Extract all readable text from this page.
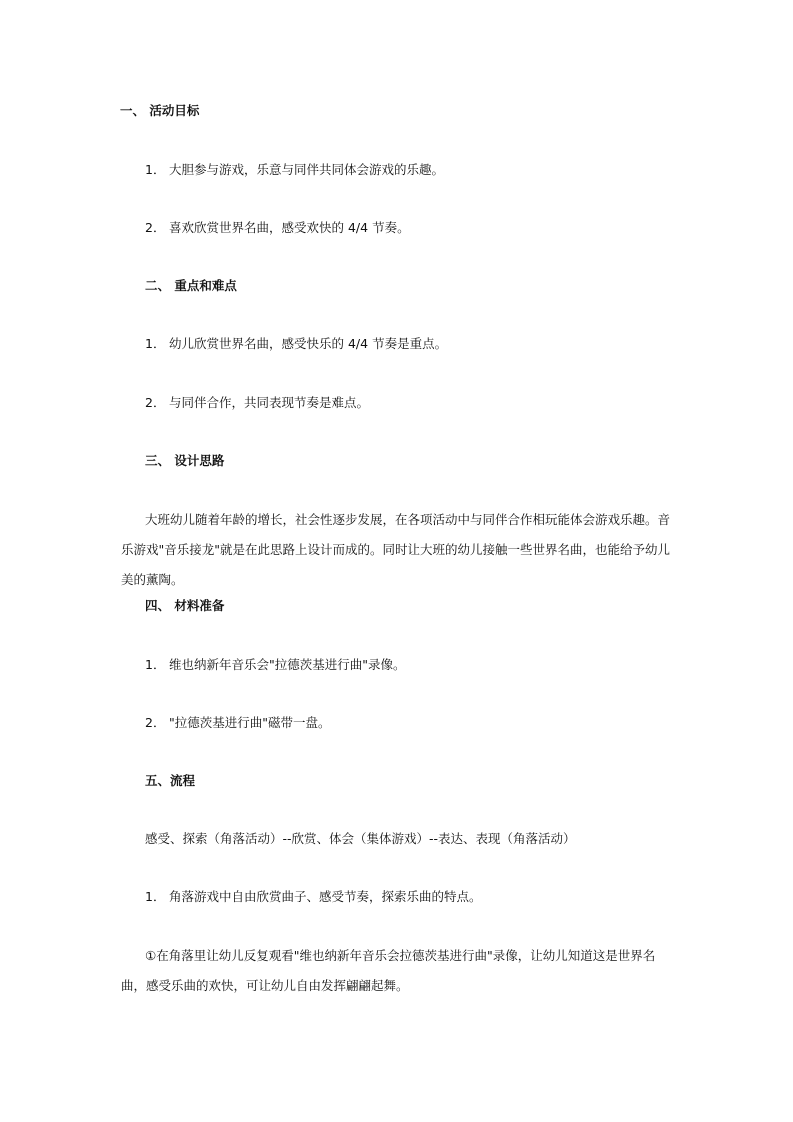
一、 活动目标
1． 大胆参与游戏，乐意与同伴共同体会游戏的乐趣。
2． 喜欢欣赏世界名曲，感受欢快的 4/4 节奏。
二、 重点和难点
1． 幼儿欣赏世界名曲，感受快乐的 4/4 节奏是重点。
2． 与同伴合作，共同表现节奏是难点。
三、 设计思路
大班幼儿随着年龄的增长，社会性逐步发展，在各项活动中与同伴合作相玩能体会游戏乐趣。音乐游戏"音乐接龙"就是在此思路上设计而成的。同时让大班的幼儿接触一些世界名曲，也能给予幼儿美的薰陶。
四、 材料准备
1． 维也纳新年音乐会"拉德茨基进行曲"录像。
2． "拉德茨基进行曲"磁带一盘。
五、流程
感受、探索（角落活动）--欣赏、体会（集体游戏）--表达、表现（角落活动）
1． 角落游戏中自由欣赏曲子、感受节奏，探索乐曲的特点。
①在角落里让幼儿反复观看"维也纳新年音乐会拉德茨基进行曲"录像，让幼儿知道这是世界名曲，感受乐曲的欢快，可让幼儿自由发挥翩翩起舞。
